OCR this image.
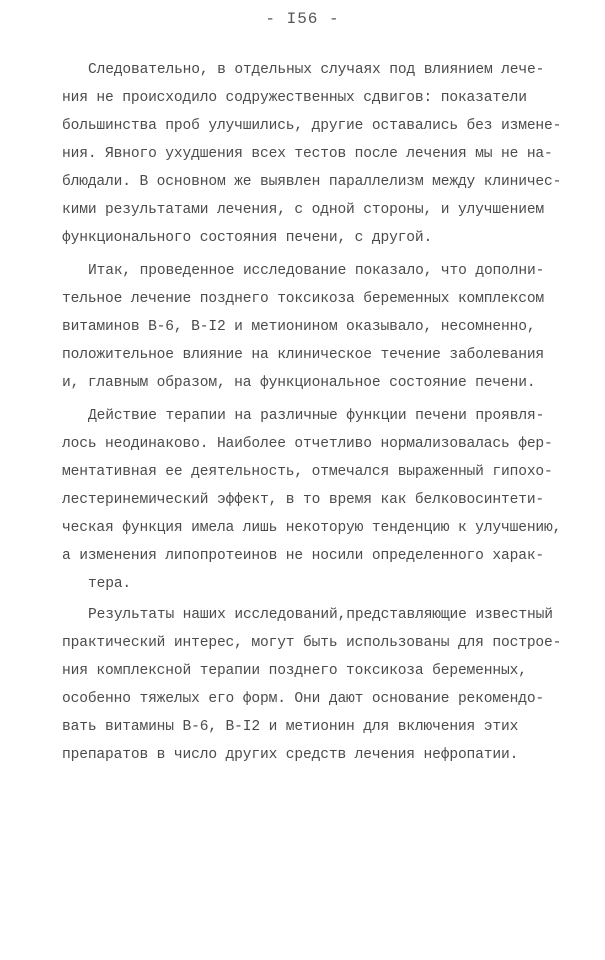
- I56 -
Следовательно, в отдельных случаях под влиянием лече-
ния не происходило содружественных сдвигов: показатели
большинства проб улучшились, другие оставались без измене-
ния. Явного ухудшения всех тестов после лечения мы не на-
блюдали. В основном же выявлен параллелизм между клиничес-
кими результатами лечения, с одной стороны, и улучшением
функционального состояния печени, с другой.
Итак, проведенное исследование показало, что дополни-
тельное лечение позднего токсикоза беременных комплексом
витаминов В-6, В-I2 и метионином оказывало, несомненно,
положительное влияние на клиническое течение заболевания
и, главным образом, на функциональное состояние печени.
Действие терапии на различные функции печени проявля-
лось неодинаково. Наиболее отчетливо нормализовалась фер-
ментативная ее деятельность, отмечался выраженный гипохо-
лестеринемический эффект, в то время как белковосинтети-
ческая функция имела лишь некоторую тенденцию к улучшению,
а изменения липопротеинов не носили определенного харак-
тера.
Результаты наших исследований,представляющие известный
практический интерес, могут быть использованы для построе-
ния комплексной терапии позднего токсикоза беременных,
особенно тяжелых его форм. Они дают основание рекомендо-
вать витамины В-6, В-I2 и метионин для включения этих
препаратов в число других средств лечения нефропатии.
